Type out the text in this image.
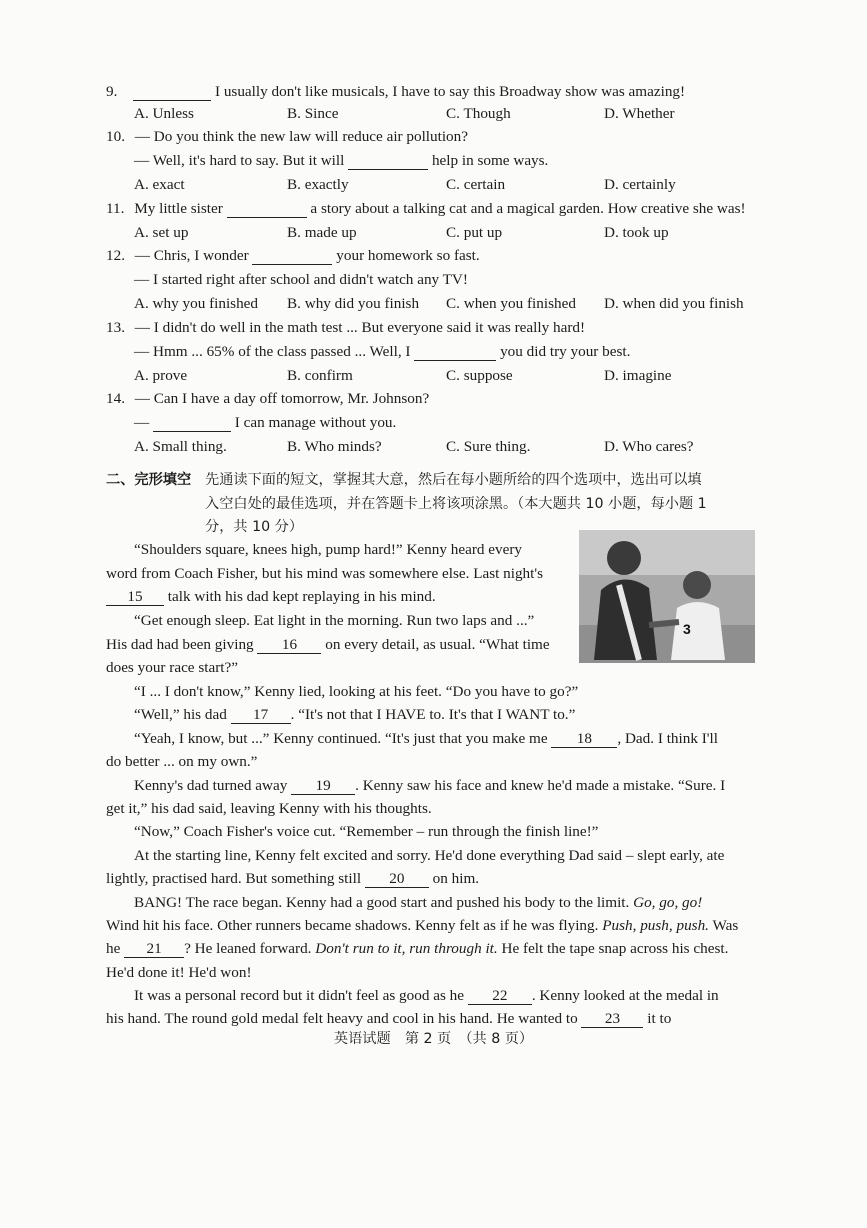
9.	I usually don't like musicals, I have to say this Broadway show was amazing!
A. Unless	B. Since	C. Though	D. Whether
10. — Do you think the new law will reduce air pollution?
— Well, it's hard to say. But it will	help in some ways.
A. exact	B. exactly	C. certain	D. certainly
11. My little sister	a story about a talking cat and a magical garden. How creative she was!
A. set up	B. made up	C. put up	D. took up
12. — Chris, I wonder	your homework so fast.
— I started right after school and didn't watch any TV!
A. why you finished B. why did you finish C. when you finished D. when did you finish
13. — I didn't do well in the math test ... But everyone said it was really hard!
— Hmm ... 65% of the class passed ... Well, I	you did try your best.
A. prove	B. confirm	C. suppose	D. imagine
14. — Can I have a day off tomorrow, Mr. Johnson?
—	I can manage without you.
A. Small thing.	B. Who minds?	C. Sure thing.	D. Who cares?
二、完形填空 先通读下面的短文，掌握其大意，然后在每小题所给的四个选项中，选出可以填
入空白处的最佳选项，并在答题卡上将该项涂黑。（本大题共 10 小题，每小题 1
分，共 10 分）
3
“Shoulders square, knees high, pump hard!” Kenny heard every
word from Coach Fisher, but his mind was somewhere else. Last night's
15 talk with his dad kept replaying in his mind.
“Get enough sleep. Eat light in the morning. Run two laps and ...”
His dad had been giving 16 on every detail, as usual. “What time
does your race start?”
“I ... I don't know,” Kenny lied, looking at his feet. “Do you have to go?”
“Well,” his dad 17 . “It's not that I HAVE to. It's that I WANT to.”
“Yeah, I know, but ...” Kenny continued. “It's just that you make me 18 , Dad. I think I'll
do better ... on my own.”
Kenny's dad turned away 19 . Kenny saw his face and knew he'd made a mistake. “Sure. I
get it,” his dad said, leaving Kenny with his thoughts.
“Now,” Coach Fisher's voice cut. “Remember – run through the finish line!”
At the starting line, Kenny felt excited and sorry. He'd done everything Dad said – slept early, ate
lightly, practised hard. But something still 20 on him.
BANG! The race began. Kenny had a good start and pushed his body to the limit. Go, go, go!
Wind hit his face. Other runners became shadows. Kenny felt as if he was flying. Push, push, push. Was
he 21 ? He leaned forward. Don't run to it, run through it. He felt the tape snap across his chest.
He'd done it! He'd won!
It was a personal record but it didn't feel as good as he 22 . Kenny looked at the medal in
his hand. The round gold medal felt heavy and cool in his hand. He wanted to 23 it to
英语试题　第 2 页　（共 8 页）
